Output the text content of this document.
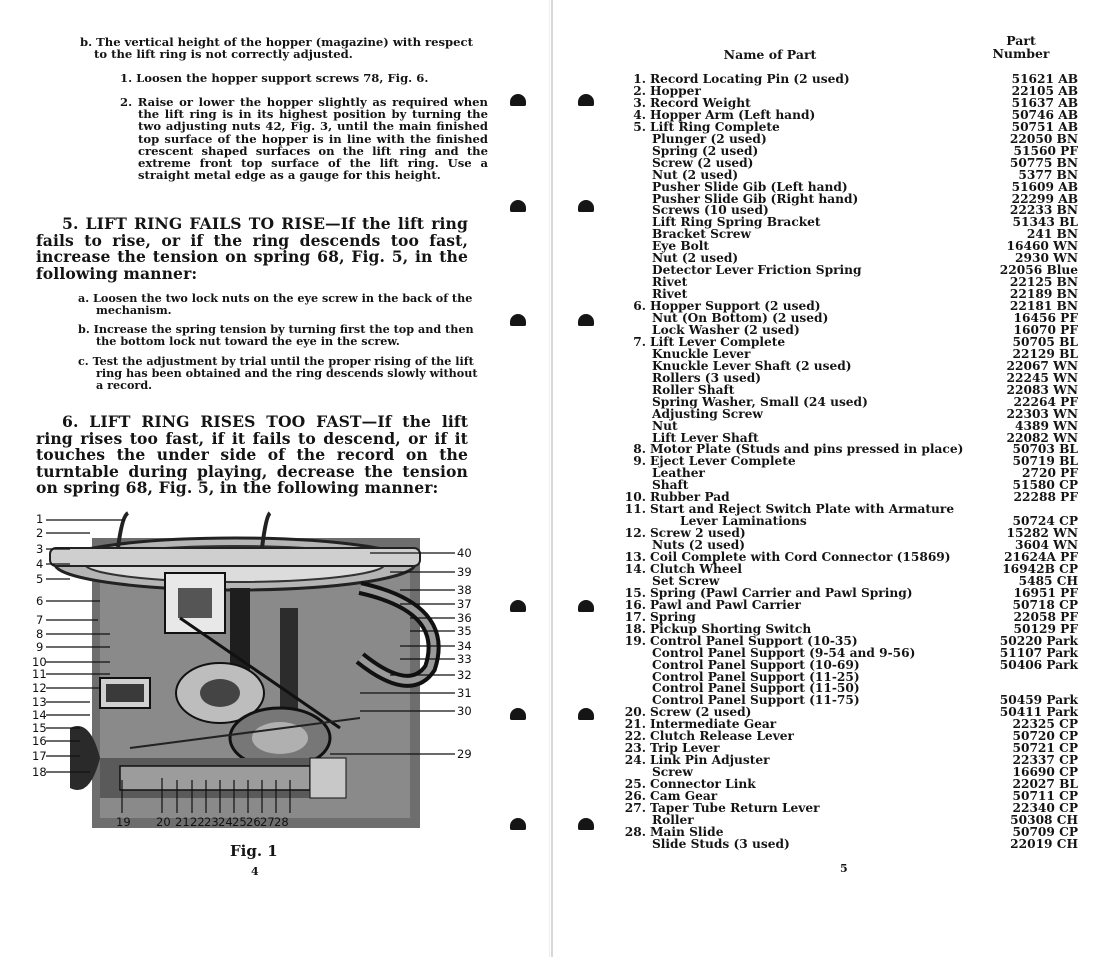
b. The vertical height of the hopper (magazine) with respect to the lift ring is not correctly adjusted.

1. Loosen the hopper support screws 78, Fig. 6.

2. Raise or lower the hopper slightly as required when the lift ring is in its highest position by turning the two adjusting nuts 42, Fig. 3, until the main finished top surface of the hopper is in line with the finished crescent shaped surfaces on the lift ring and the extreme front top surface of the lift ring. Use a straight metal edge as a gauge for this height.

5. LIFT RING FAILS TO RISE—If the lift ring fails to rise, or if the ring descends too fast, increase the tension on spring 68, Fig. 5, in the following manner:

a. Loosen the two lock nuts on the eye screw in the back of the mechanism.

b. Increase the spring tension by turning first the top and then the bottom lock nut toward the eye in the screw.

c. Test the adjustment by trial until the proper rising of the lift ring has been obtained and the ring descends slowly without a record.

6. LIFT RING RISES TOO FAST—If the lift ring rises too fast, if it fails to descend, or if it touches the under side of the record on the turntable during playing, decrease the tension on spring 68, Fig. 5, in the following manner:

1
2
3
4
5
6
7
8
9
10
11
12
13
14
15
16
17
18
40
39
38
37
36
35
34
33
32
31
30
29
19 20 21 22 23 24 25 26 27 28
Fig. 1
4
Name of Part
Part Number
1. Record Locating Pin (2 used)	51621 AB
2. Hopper	22105 AB
3. Record Weight	51637 AB
4. Hopper Arm (Left hand)	50746 AB
5. Lift Ring Complete	50751 AB
Plunger (2 used)	22050 BN
Spring (2 used)	51560 PF
Screw (2 used)	50775 BN
Nut (2 used)	5377 BN
Pusher Slide Gib (Left hand)	51609 AB
Pusher Slide Gib (Right hand)	22299 AB
Screws (10 used)	22233 BN
Lift Ring Spring Bracket	51343 BL
Bracket Screw	241 BN
Eye Bolt	16460 WN
Nut (2 used)	2930 WN
Detector Lever Friction Spring	22056 Blue
Rivet	22125 BN
Rivet	22189 BN
6. Hopper Support (2 used)	22181 BN
Nut (On Bottom) (2 used)	16456 PF
Lock Washer (2 used)	16070 PF
7. Lift Lever Complete	50705 BL
Knuckle Lever	22129 BL
Knuckle Lever Shaft (2 used)	22067 WN
Rollers (3 used)	22245 WN
Roller Shaft	22083 WN
Spring Washer, Small (24 used)	22264 PF
Adjusting Screw	22303 WN
Nut	4389 WN
Lift Lever Shaft	22082 WN
8. Motor Plate (Studs and pins pressed in place)	50703 BL
9. Eject Lever Complete	50719 BL
Leather	2720 PF
Shaft	51580 CP
10. Rubber Pad	22288 PF
11. Start and Reject Switch Plate with Armature
Lever Laminations	50724 CP
12. Screw 2 used)	15282 WN
Nuts (2 used)	3604 WN
13. Coil Complete with Cord Connector (15869)	21624A PF
14. Clutch Wheel	16942B CP
Set Screw	5485 CH
15. Spring (Pawl Carrier and Pawl Spring)	16951 PF
16. Pawl and Pawl Carrier	50718 CP
17. Spring	22058 PF
18. Pickup Shorting Switch	50129 PF
19. Control Panel Support (10-35)	50220 Park
Control Panel Support (9-54 and 9-56)	51107 Park
Control Panel Support (10-69)	50406 Park
Control Panel Support (11-25)
Control Panel Support (11-50)
Control Panel Support (11-75)	50459 Park
20. Screw (2 used)	50411 Park
21. Intermediate Gear	22325 CP
22. Clutch Release Lever	50720 CP
23. Trip Lever	50721 CP
24. Link Pin Adjuster	22337 CP
Screw	16690 CP
25. Connector Link	22027 BL
26. Cam Gear	50711 CP
27. Taper Tube Return Lever	22340 CP
Roller	50308 CH
28. Main Slide	50709 CP
Slide Studs (3 used)	22019 CH
5
